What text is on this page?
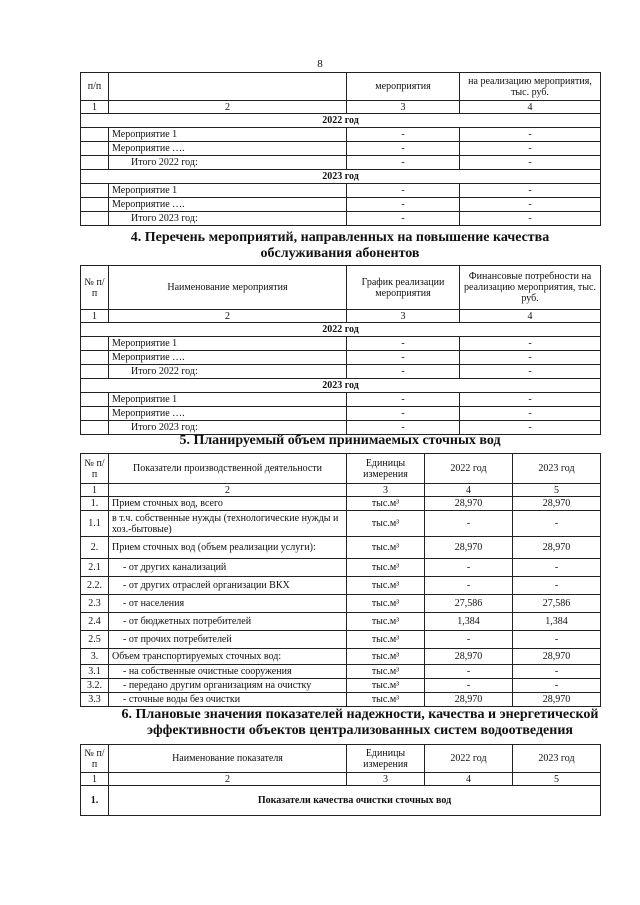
8
п/п		мероприятия	на реализацию мероприятия, тыс. руб.
1	2	3	4
2022 год			
	Мероприятие 1	-	-
	Мероприятие ….	-	-
	Итого 2022 год:	-	-
2023 год			
	Мероприятие 1	-	-
	Мероприятие ….	-	-
	Итого 2023 год:	-	-
4. Перечень мероприятий, направленных на повышение качества
обслуживания абонентов
№ п/п	Наименование мероприятия	График реализации мероприятия	Финансовые потребности на реализацию мероприятия, тыс. руб.
1	2	3	4
2022 год			
	Мероприятие 1	-	-
	Мероприятие ….	-	-
	Итого 2022 год:	-	-
2023 год			
	Мероприятие 1	-	-
	Мероприятие ….	-	-
	Итого 2023 год:	-	-
5. Планируемый объем принимаемых сточных вод
№ п/п	Показатели производственной деятельности	Единицы измерения	2022 год	2023 год
1	2	3	4	5
1.	Прием сточных вод, всего	тыс.м³	28,970	28,970
1.1	в т.ч. собственные нужды (технологические нужды и хоз.-бытовые)	тыс.м³	-	-
2.	Прием сточных вод (объем реализации услуги):	тыс.м³	28,970	28,970
2.1	- от других канализаций	тыс.м³	-	-
2.2.	- от других отраслей организации ВКХ	тыс.м³	-	-
2.3	- от населения	тыс.м³	27,586	27,586
2.4	- от бюджетных потребителей	тыс.м³	1,384	1,384
2.5	- от прочих потребителей	тыс.м³	-	-
3.	Объем транспортируемых сточных вод:	тыс.м³	28,970	28,970
3.1	- на собственные очистные сооружения	тыс.м³	-	-
3.2.	- передано другим организациям на очистку	тыс.м³	-	-
3.3	- сточные воды без очистки	тыс.м³	28,970	28,970
6. Плановые значения показателей надежности, качества и энергетической
эффективности объектов централизованных систем водоотведения
№ п/п	Наименование показателя	Единицы измерения	2022 год	2023 год
1	2	3	4	5
1.	Показатели качества очистки сточных вод			
